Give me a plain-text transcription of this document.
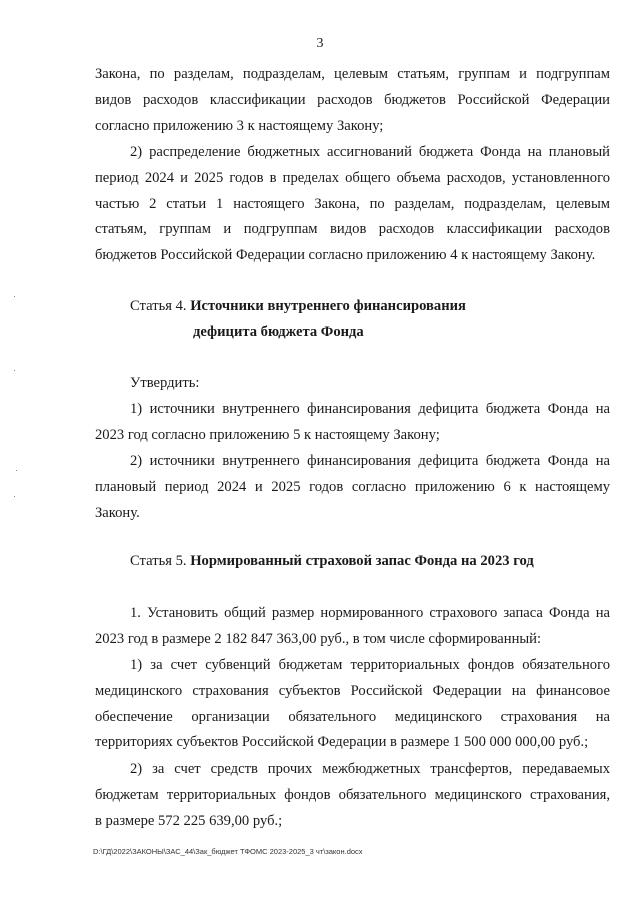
3
Закона, по разделам, подразделам, целевым статьям, группам и подгруппам
видов расходов классификации расходов бюджетов Российской Федерации
согласно приложению 3 к настоящему Закону;
2) распределение бюджетных ассигнований бюджета Фонда на плановый
период 2024 и 2025 годов в пределах общего объема расходов, установленного
частью 2 статьи 1 настоящего Закона, по разделам, подразделам, целевым
статьям, группам и подгруппам видов расходов классификации расходов
бюджетов Российской Федерации согласно приложению 4 к настоящему Закону.
Статья 4. Источники внутреннего финансирования
дефицита бюджета Фонда
Утвердить:
1) источники внутреннего финансирования дефицита бюджета Фонда на
2023 год согласно приложению 5 к настоящему Закону;
2) источники внутреннего финансирования дефицита бюджета Фонда на
плановый период 2024 и 2025 годов согласно приложению 6 к настоящему
Закону.
Статья 5. Нормированный страховой запас Фонда на 2023 год
1. Установить общий размер нормированного страхового запаса Фонда на
2023 год в размере 2 182 847 363,00 руб., в том числе сформированный:
1) за счет субвенций бюджетам территориальных фондов обязательного
медицинского страхования субъектов Российской Федерации на финансовое
обеспечение организации обязательного медицинского страхования на
территориях субъектов Российской Федерации в размере 1 500 000 000,00 руб.;
2) за счет средств прочих межбюджетных трансфертов, передаваемых
бюджетам территориальных фондов обязательного медицинского страхования,
в размере 572 225 639,00 руб.;
D:\ГД\2022\ЗАКОНЫ\ЗАС_44\Зак_бюджет ТФОМС 2023-2025_3 чт\закон.docx
